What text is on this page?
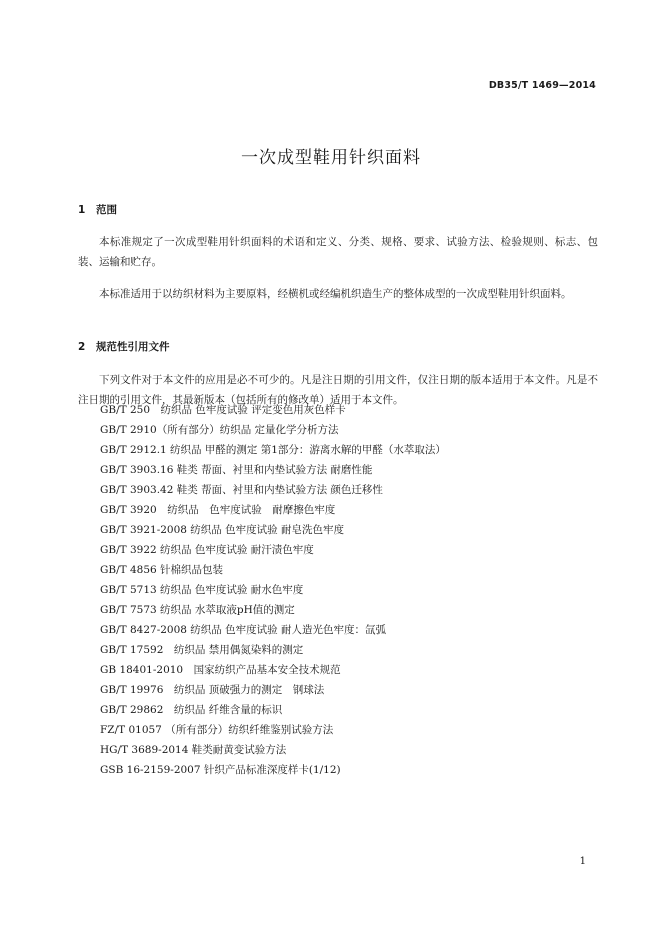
DB35/T 1469—2014
一次成型鞋用针织面料
1 范围
本标准规定了一次成型鞋用针织面料的术语和定义、分类、规格、要求、试验方法、检验规则、标志、包装、运输和贮存。
本标准适用于以纺织材料为主要原料，经横机或经编机织造生产的整体成型的一次成型鞋用针织面料。
2 规范性引用文件
下列文件对于本文件的应用是必不可少的。凡是注日期的引用文件，仅注日期的版本适用于本文件。凡是不注日期的引用文件，其最新版本（包括所有的修改单）适用于本文件。
GB/T 250　纺织品 色牢度试验 评定变色用灰色样卡
GB/T 2910（所有部分）纺织品 定量化学分析方法
GB/T 2912.1 纺织品 甲醛的测定 第1部分：游离水解的甲醛（水萃取法）
GB/T 3903.16 鞋类 帮面、衬里和内垫试验方法 耐磨性能
GB/T 3903.42 鞋类 帮面、衬里和内垫试验方法 颜色迁移性
GB/T 3920　纺织品　色牢度试验　耐摩擦色牢度
GB/T 3921-2008 纺织品 色牢度试验 耐皂洗色牢度
GB/T 3922 纺织品 色牢度试验 耐汗渍色牢度
GB/T 4856 针棉织品包装
GB/T 5713 纺织品 色牢度试验 耐水色牢度
GB/T 7573 纺织品 水萃取液pH值的测定
GB/T 8427-2008 纺织品 色牢度试验 耐人造光色牢度：氙弧
GB/T 17592　纺织品 禁用偶氮染料的测定
GB 18401-2010　国家纺织产品基本安全技术规范
GB/T 19976　纺织品 顶破强力的测定　钢球法
GB/T 29862　纺织品 纤维含量的标识
FZ/T 01057 （所有部分）纺织纤维鉴别试验方法
HG/T 3689-2014 鞋类耐黄变试验方法
GSB 16-2159-2007 针织产品标准深度样卡(1/12)
1
